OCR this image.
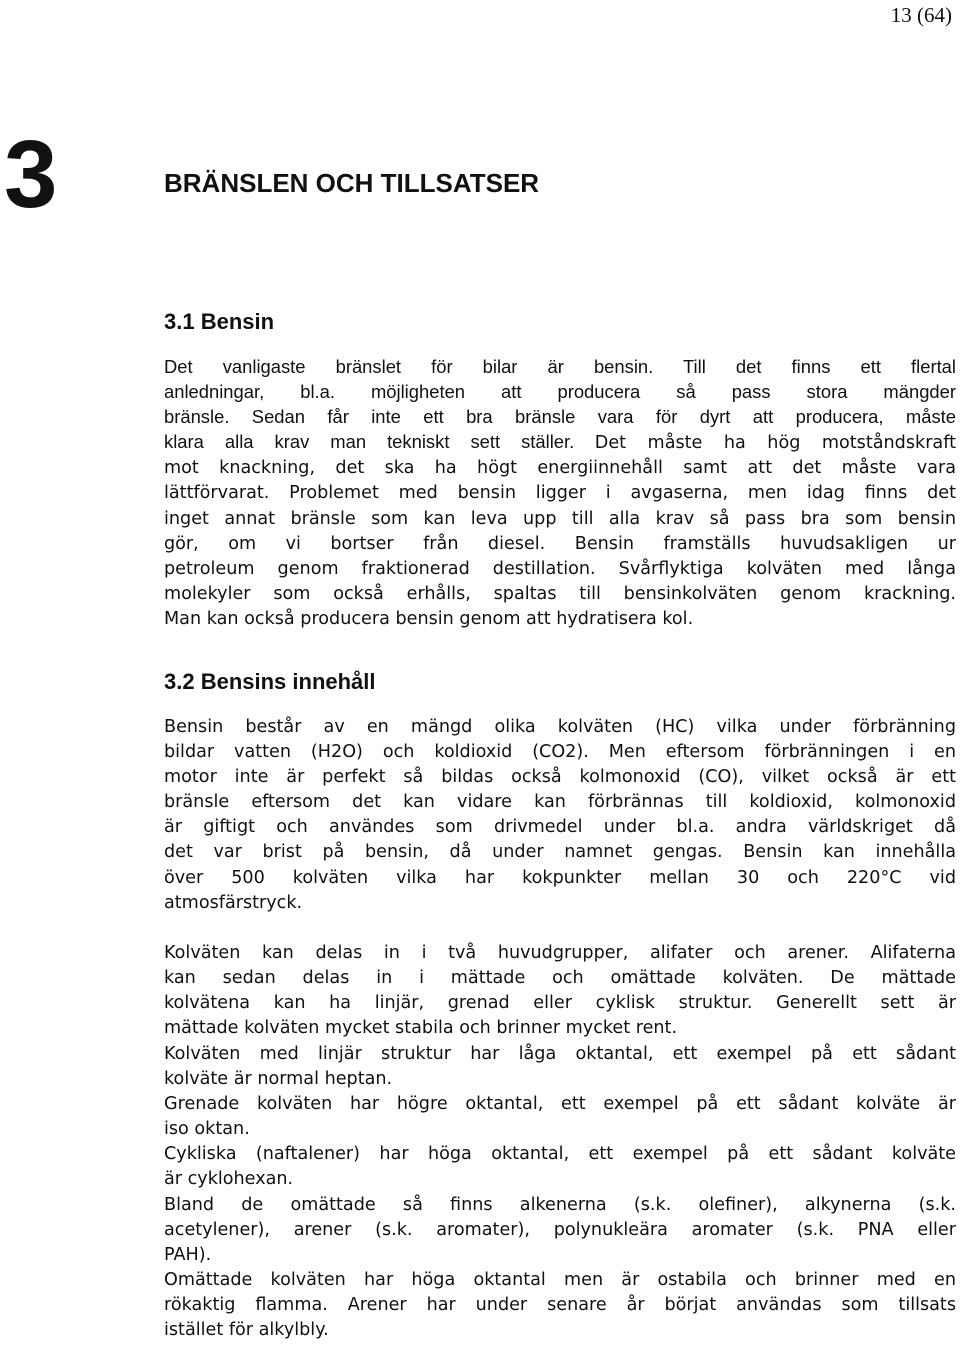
13 (64)
3	BRÄNSLEN OCH TILLSATSER
3.1 Bensin

Det vanligaste bränslet för bilar är bensin. Till det finns ett flertal
anledningar, bl.a. möjligheten att producera så pass stora mängder
bränsle. Sedan får inte ett bra bränsle vara för dyrt att producera, måste
klara alla krav man tekniskt sett ställer. Det måste ha hög motståndskraft
mot knackning, det ska ha högt energiinnehåll samt att det måste vara
lättförvarat. Problemet med bensin ligger i avgaserna, men idag finns det
inget annat bränsle som kan leva upp till alla krav så pass bra som bensin
gör, om vi bortser från diesel. Bensin framställs huvudsakligen ur
petroleum genom fraktionerad destillation. Svårflyktiga kolväten med långa
molekyler som också erhålls, spaltas till bensinkolväten genom krackning.
Man kan också producera bensin genom att hydratisera kol.

3.2 Bensins innehåll

Bensin består av en mängd olika kolväten (HC) vilka under förbränning
bildar vatten (H2O) och koldioxid (CO2). Men eftersom förbränningen i en
motor inte är perfekt så bildas också kolmonoxid (CO), vilket också är ett
bränsle eftersom det kan vidare kan förbrännas till koldioxid, kolmonoxid
är giftigt och användes som drivmedel under bl.a. andra världskriget då
det var brist på bensin, då under namnet gengas. Bensin kan innehålla
över 500 kolväten vilka har kokpunkter mellan 30 och 220°C vid
atmosfärstryck.

Kolväten kan delas in i två huvudgrupper, alifater och arener. Alifaterna
kan sedan delas in i mättade och omättade kolväten. De mättade
kolvätena kan ha linjär, grenad eller cyklisk struktur. Generellt sett är
mättade kolväten mycket stabila och brinner mycket rent.

Kolväten med linjär struktur har låga oktantal, ett exempel på ett sådant
kolväte är normal heptan.

Grenade kolväten har högre oktantal, ett exempel på ett sådant kolväte är
iso oktan.

Cykliska (naftalener) har höga oktantal, ett exempel på ett sådant kolväte
är cyklohexan.

Bland de omättade så finns alkenerna (s.k. olefiner), alkynerna (s.k.
acetylener), arener (s.k. aromater), polynukleära aromater (s.k. PNA eller
PAH).

Omättade kolväten har höga oktantal men är ostabila och brinner med en
rökaktig flamma. Arener har under senare år börjat användas som tillsats
istället för alkylbly.
